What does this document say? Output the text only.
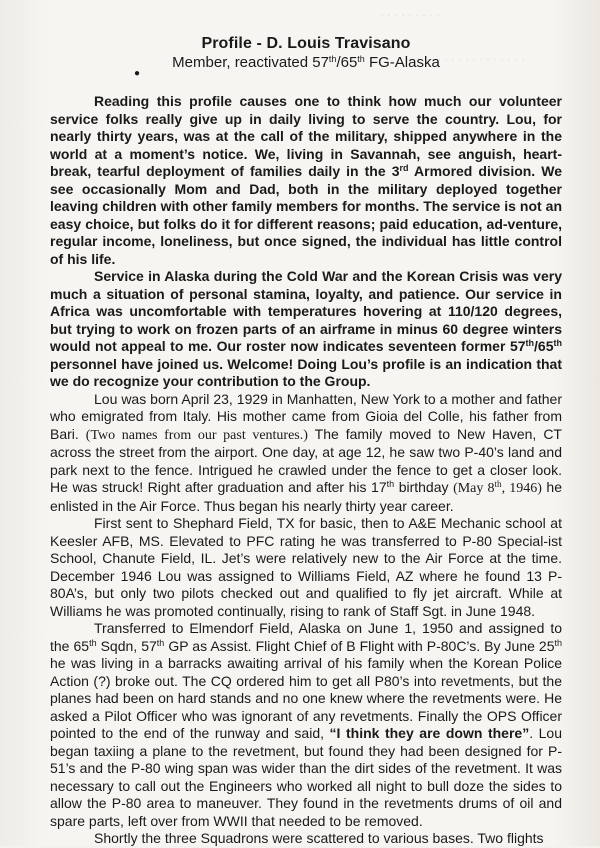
· · · · · · · · ·
· · · · · · · · · · · · · ·
Profile - D. Louis Travisano
●
Member, reactivated 57th/65th FG-Alaska

Reading this profile causes one to think how much our volunteer service folks really give up in daily living to serve the country. Lou, for nearly thirty years, was at the call of the military, shipped anywhere in the world at a moment’s notice. We, living in Savannah, see anguish, heart-break, tearful deployment of families daily in the 3rd Armored division. We see occasionally Mom and Dad, both in the military deployed together leaving children with other family members for months. The service is not an easy choice, but folks do it for different reasons; paid education, ad-venture, regular income, loneliness, but once signed, the individual has little control of his life.

Service in Alaska during the Cold War and the Korean Crisis was very much a situation of personal stamina, loyalty, and patience. Our service in Africa was uncomfortable with temperatures hovering at 110/120 degrees, but trying to work on frozen parts of an airframe in minus 60 degree winters would not appeal to me. Our roster now indicates seventeen former 57th/65th personnel have joined us. Welcome! Doing Lou’s profile is an indication that we do recognize your contribution to the Group.

Lou was born April 23, 1929 in Manhatten, New York to a mother and father who emigrated from Italy. His mother came from Gioia del Colle, his father from Bari. (Two names from our past ventures.) The family moved to New Haven, CT across the street from the airport. One day, at age 12, he saw two P-40’s land and park next to the fence. Intrigued he crawled under the fence to get a closer look. He was struck! Right after graduation and after his 17th birthday (May 8th, 1946) he enlisted in the Air Force. Thus began his nearly thirty year career.

First sent to Shephard Field, TX for basic, then to A&E Mechanic school at Keesler AFB, MS. Elevated to PFC rating he was transferred to P-80 Special-ist School, Chanute Field, IL. Jet’s were relatively new to the Air Force at the time. December 1946 Lou was assigned to Williams Field, AZ where he found 13 P-80A’s, but only two pilots checked out and qualified to fly jet aircraft. While at Williams he was promoted continually, rising to rank of Staff Sgt. in June 1948.

Transferred to Elmendorf Field, Alaska on June 1, 1950 and assigned to the 65th Sqdn, 57th GP as Assist. Flight Chief of B Flight with P-80C’s. By June 25th he was living in a barracks awaiting arrival of his family when the Korean Police Action (?) broke out. The CQ ordered him to get all P80’s into revetments, but the planes had been on hard stands and no one knew where the revetments were. He asked a Pilot Officer who was ignorant of any revetments. Finally the OPS Officer pointed to the end of the runway and said, “I think they are down there”. Lou began taxiing a plane to the revetment, but found they had been designed for P-51’s and the P-80 wing span was wider than the dirt sides of the revetment. It was necessary to call out the Engineers who worked all night to bull doze the sides to allow the P-80 area to maneuver. They found in the revetments drums of oil and spare parts, left over from WWII that needed to be removed.

Shortly the three Squadrons were scattered to various bases. Two flights
